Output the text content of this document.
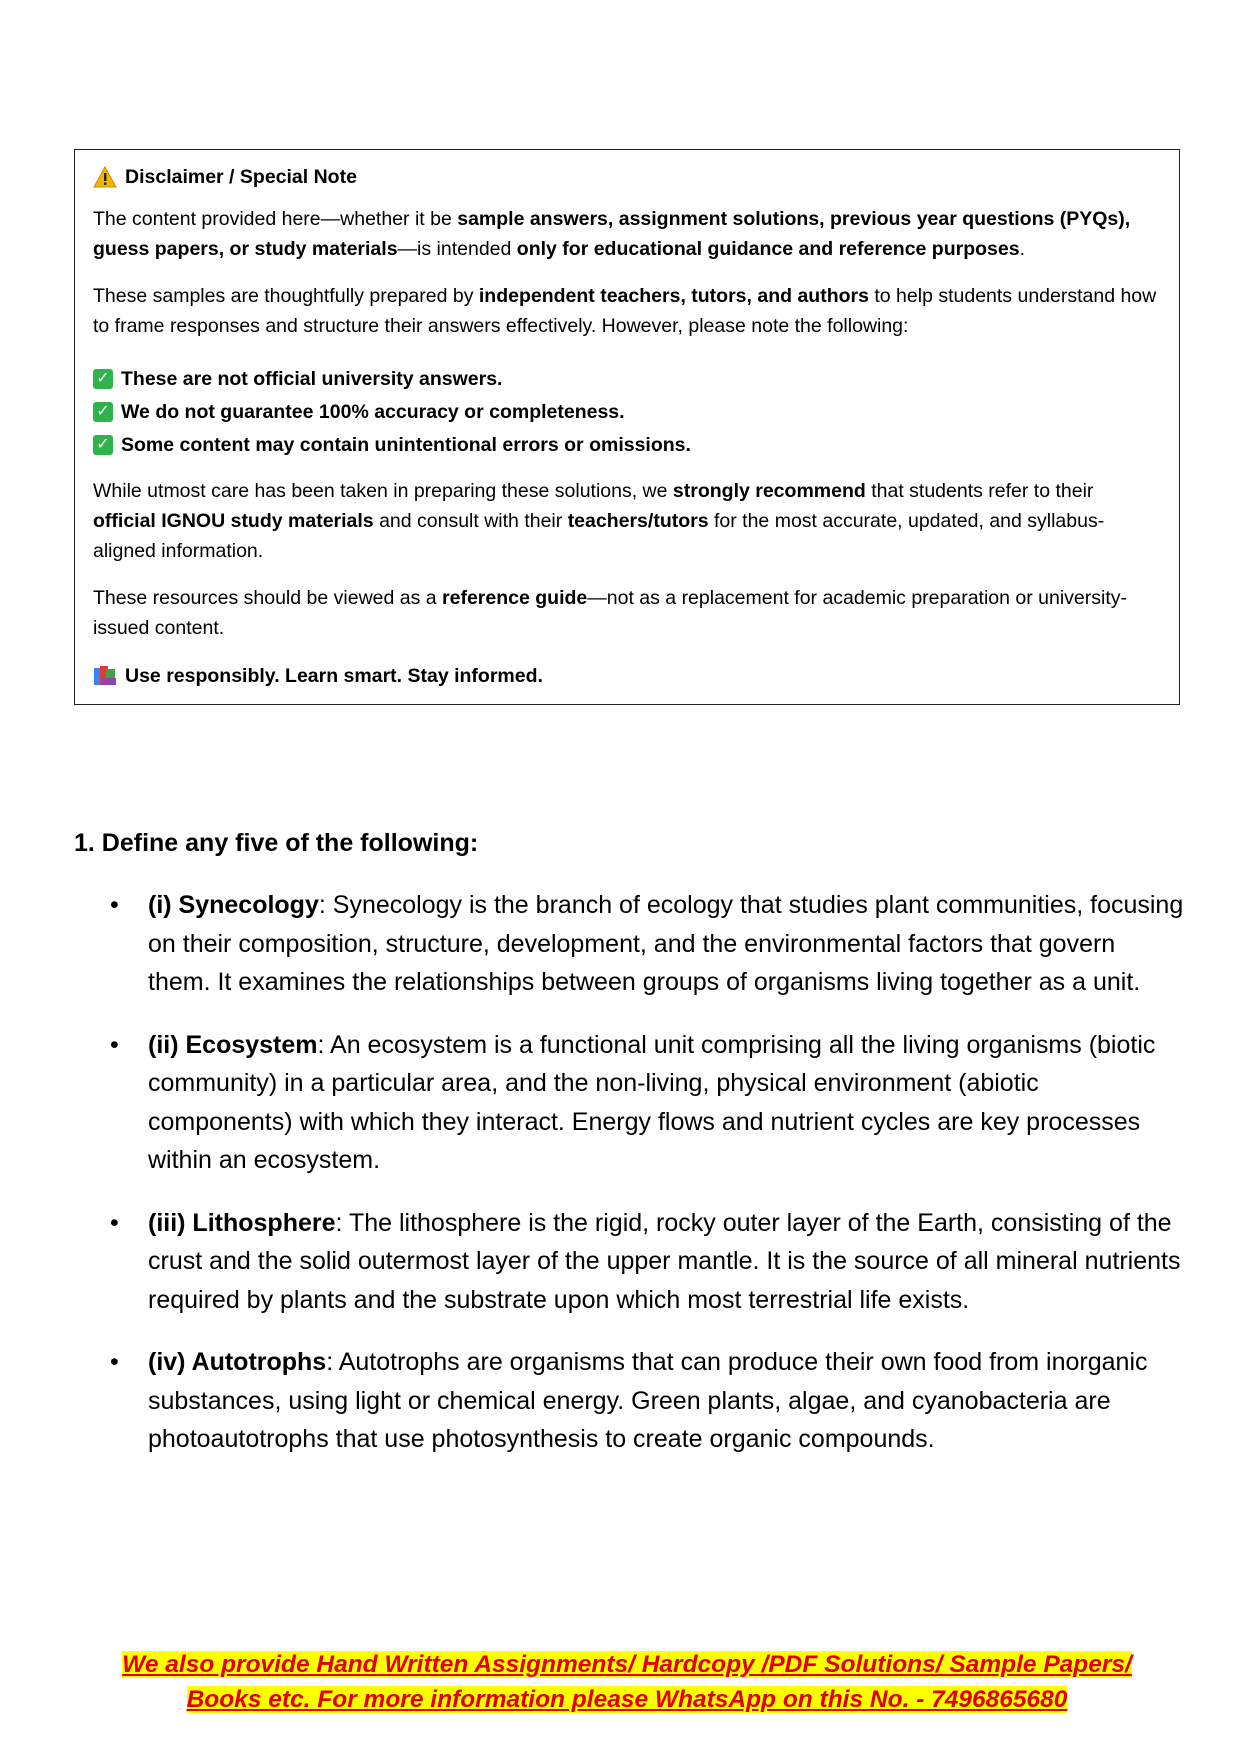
Disclaimer / Special Note

The content provided here—whether it be sample answers, assignment solutions, previous year questions (PYQs), guess papers, or study materials—is intended only for educational guidance and reference purposes.

These samples are thoughtfully prepared by independent teachers, tutors, and authors to help students understand how to frame responses and structure their answers effectively. However, please note the following:

✓ These are not official university answers.
✓ We do not guarantee 100% accuracy or completeness.
✓ Some content may contain unintentional errors or omissions.

While utmost care has been taken in preparing these solutions, we strongly recommend that students refer to their official IGNOU study materials and consult with their teachers/tutors for the most accurate, updated, and syllabus-aligned information.

These resources should be viewed as a reference guide—not as a replacement for academic preparation or university-issued content.

Use responsibly. Learn smart. Stay informed.
1. Define any five of the following:
• (i) Synecology: Synecology is the branch of ecology that studies plant communities, focusing on their composition, structure, development, and the environmental factors that govern them. It examines the relationships between groups of organisms living together as a unit.
• (ii) Ecosystem: An ecosystem is a functional unit comprising all the living organisms (biotic community) in a particular area, and the non-living, physical environment (abiotic components) with which they interact. Energy flows and nutrient cycles are key processes within an ecosystem.
• (iii) Lithosphere: The lithosphere is the rigid, rocky outer layer of the Earth, consisting of the crust and the solid outermost layer of the upper mantle. It is the source of all mineral nutrients required by plants and the substrate upon which most terrestrial life exists.
• (iv) Autotrophs: Autotrophs are organisms that can produce their own food from inorganic substances, using light or chemical energy. Green plants, algae, and cyanobacteria are photoautotrophs that use photosynthesis to create organic compounds.
We also provide Hand Written Assignments/ Hardcopy /PDF Solutions/ Sample Papers/
Books etc. For more information please WhatsApp on this No. - 7496865680
